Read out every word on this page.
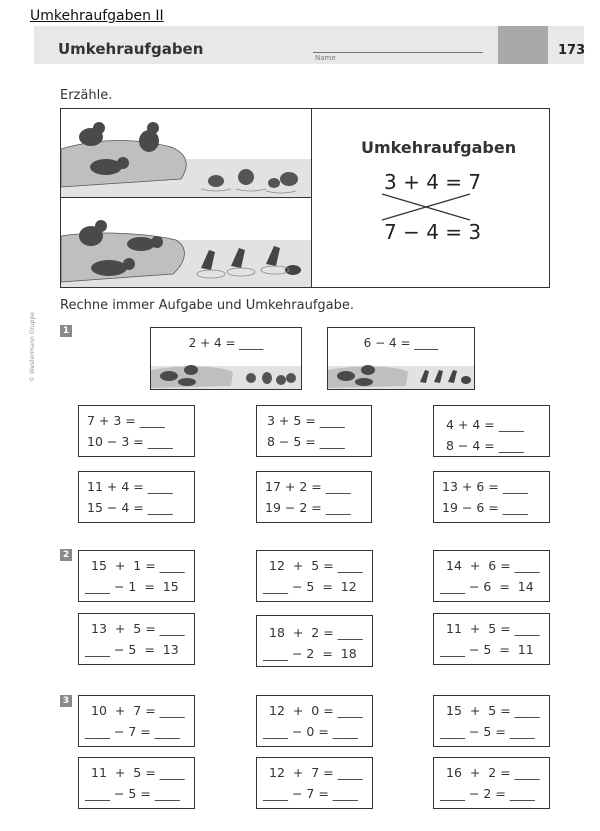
Umkehraufgaben II
Umkehraufgaben	Name	173
© Westermann Gruppe
Erzähle.
Umkehraufgaben
3 + 4 = 7
7 − 4 = 3
Rechne immer Aufgabe und Umkehraufgabe.
1
2 + 4 = ____	6 − 4 = ____
7 + 3 = ____
10 − 3 = ____
3 + 5 = ____
8 − 5 = ____
4 + 4 = ____
8 − 4 = ____
11 + 4 = ____
15 − 4 = ____
17 + 2 = ____
19 − 2 = ____
13 + 6 = ____
19 − 6 = ____
2
15  +  1 = ____
____ − 1  =  15
12  +  5 = ____
____ − 5  =  12
14  +  6 = ____
____ − 6  =  14
13  +  5 = ____
____ − 5  =  13
18  +  2 = ____
____ − 2  =  18
11  +  5 = ____
____ − 5  =  11
3
10  +  7 = ____
____ − 7 = ____
12  +  0 = ____
____ − 0 = ____
15  +  5 = ____
____ − 5 = ____
11  +  5 = ____
____ − 5 = ____
12  +  7 = ____
____ − 7 = ____
16  +  2 = ____
____ − 2 = ____
